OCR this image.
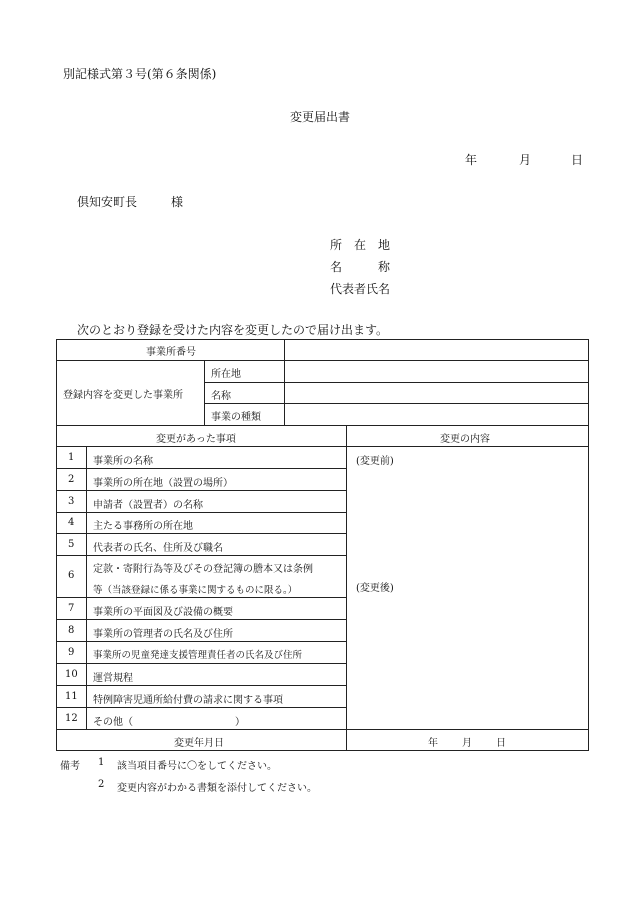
別記様式第３号(第６条関係)
変更届出書
年	月	日
倶知安町長	様
所　在　地
名　　　称
代表者氏名
次のとおり登録を受けた内容を変更したので届け出ます。
事業所番号
登録内容を変更した事業所
所在地
名称
事業の種類
変更があった事項	変更の内容
(変更前)
(変更後)
1 事業所の名称
2 事業所の所在地（設置の場所）
3 申請者（設置者）の名称
4 主たる事務所の所在地
5 代表者の氏名、住所及び職名
6
定款・寄附行為等及びその登記簿の謄本又は条例
等（当該登録に係る事業に関するものに限る。）
7 事業所の平面図及び設備の概要
8 事業所の管理者の氏名及び住所
9 事業所の児童発達支援管理責任者の氏名及び住所
10 運営規程
11 特例障害児通所給付費の請求に関する事項
12 その他（	）
変更年月日	年 月 日
備考 1 該当項目番号に〇をしてください。
2 変更内容がわかる書類を添付してください。
